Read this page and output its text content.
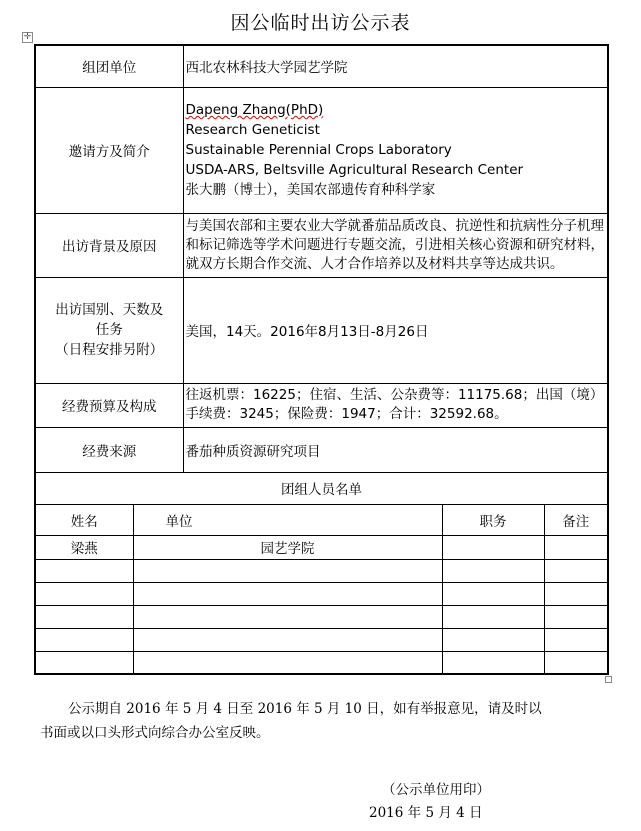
因公临时出访公示表
✛
组团单位		西北农林科技大学园艺学院		
邀请方及简介		Dapeng Zhang(PhD)
Research Geneticist
Sustainable Perennial Crops Laboratory
USDA-ARS, Beltsville Agricultural Research Center
张大鹏（博士），美国农部遗传育种科学家		

出访背景及原因		与美国农部和主要农业大学就番茄品质改良、抗逆性和抗病性分子机理和标记筛选等学术问题进行专题交流，引进相关核心资源和研究材料，就双方长期合作交流、人才合作培养以及材料共享等达成共识。		

出访国别、天数及
任务
（日程安排另附）		美国，14天。2016年8月13日-8月26日		
经费预算及构成		往返机票：16225；住宿、生活、公杂费等：11175.68；出国（境）手续费：3245；保险费：1947；合计：32592.68。		
经费来源		番茄种质资源研究项目		
团组人员名单				
姓名	单位		职务	备注
梁燕	园艺学院			

公示期自 2016 年 5 月 4 日至 2016 年 5 月 10 日，如有举报意见，请及时以
书面或以口头形式向综合办公室反映。
（公示单位用印）
2016 年 5 月 4 日
